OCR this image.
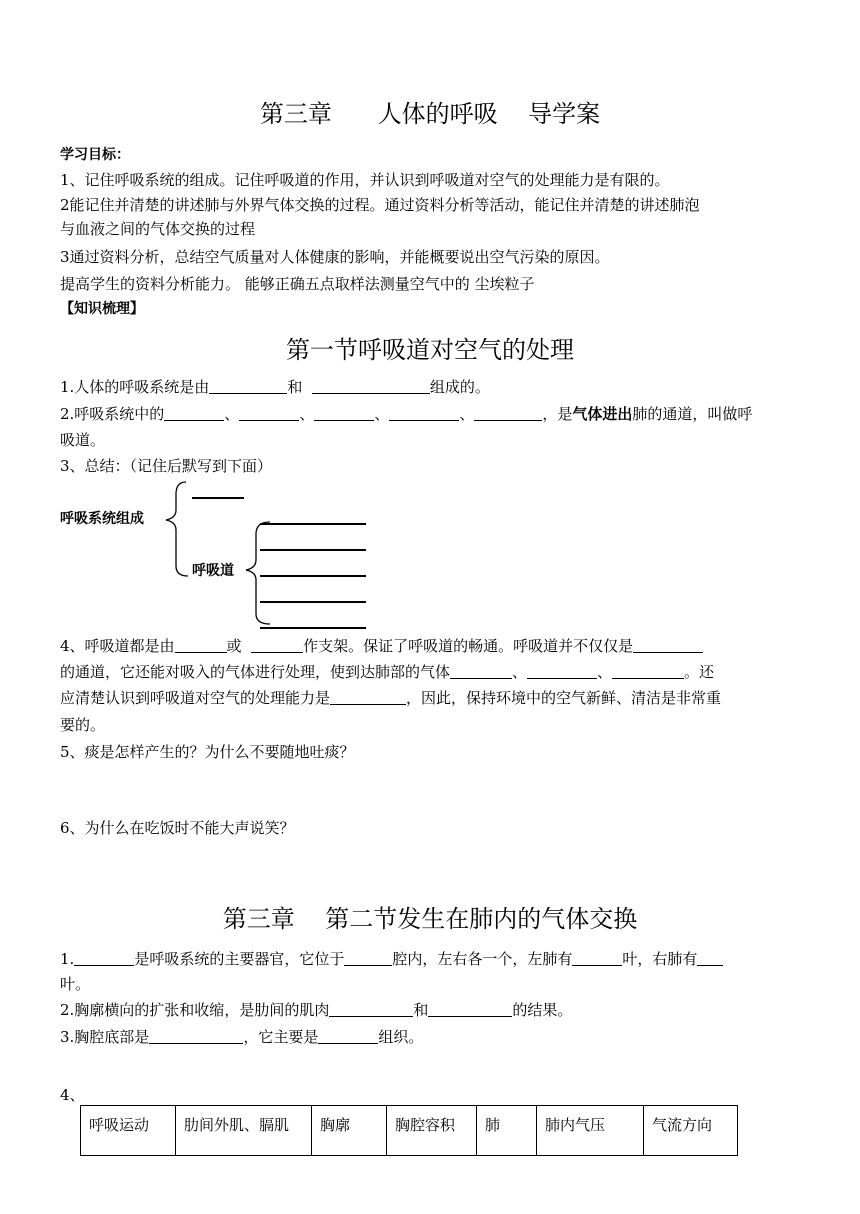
第三章      人体的呼吸    导学案
学习目标：
1、记住呼吸系统的组成。记住呼吸道的作用，并认识到呼吸道对空气的处理能力是有限的。
2能记住并清楚的讲述肺与外界气体交换的过程。通过资料分析等活动，能记住并清楚的讲述肺泡
与血液之间的气体交换的过程
3通过资料分析，总结空气质量对人体健康的影响，并能概要说出空气污染的原因。
提高学生的资料分析能力。 能够正确五点取样法测量空气中的 尘埃粒子
【知识梳理】
第一节呼吸道对空气的处理
1.人体的呼吸系统是由	和	组成的。
2.呼吸系统中的	、	、	、	、	，是气体进出肺的通道，叫做呼
吸道。
3、总结：（记住后默写到下面）
呼吸系统组成
呼吸道
4、呼吸道都是由	或	作支架。保证了呼吸道的畅通。呼吸道并不仅仅是
的通道，它还能对吸入的气体进行处理，使到达肺部的气体	、	、	。还
应清楚认识到呼吸道对空气的处理能力是	，因此，保持环境中的空气新鲜、清洁是非常重
要的。
5、痰是怎样产生的？为什么不要随地吐痰？
6、为什么在吃饭时不能大声说笑？
第三章    第二节发生在肺内的气体交换
1.	是呼吸系统的主要器官，它位于	腔内，左右各一个，左肺有	叶，右肺有
叶。
2.胸廓横向的扩张和收缩，是肋间的肌肉	和	的结果。
3.胸腔底部是	，它主要是	组织。
4、
呼吸运动	肋间外肌、膈肌	胸廓	胸腔容积	肺	肺内气压	气流方向
